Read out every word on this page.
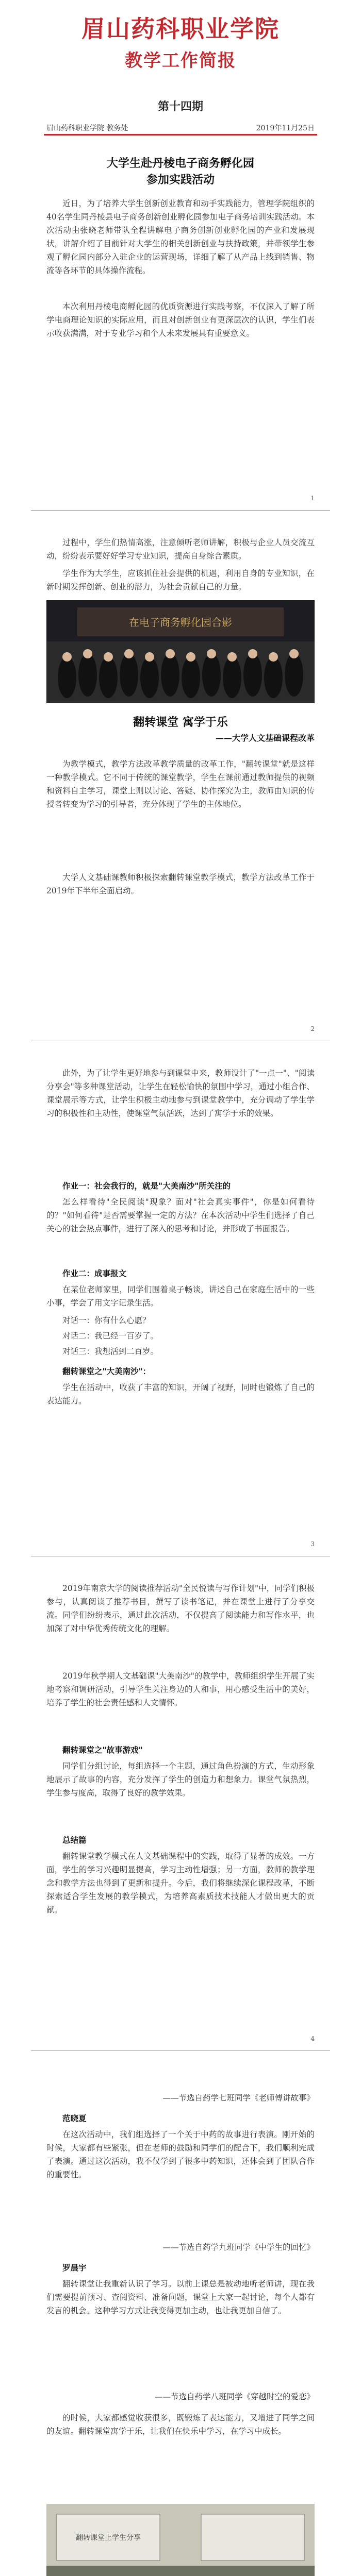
眉山药科职业学院
教学工作简报
第十四期
眉山药科职业学院 教务处	2019年11月25日
大学生赴丹棱电子商务孵化园
参加实践活动
近日，为了培养大学生创新创业教育和动手实践能力，管理学院组织的40名学生同丹棱县电子商务创新创业孵化园参加电子商务培训实践活动。本次活动由张晓老师带队全程讲解电子商务创新创业孵化园的产业和发展现状，讲解介绍了目前针对大学生的相关创新创业与扶持政策，并带领学生参观了孵化园内部分入驻企业的运营现场，详细了解了从产品上线到销售、物流等各环节的具体操作流程。
本次利用丹棱电商孵化园的优质资源进行实践考察，不仅深入了解了所学电商理论知识的实际应用，而且对创新创业有更深层次的认识，学生们表示收获满满，对于专业学习和个人未来发展具有重要意义。
1
过程中，学生们热情高涨，注意倾听老师讲解，积极与企业人员交流互动，纷纷表示要好好学习专业知识，提高自身综合素质。
学生作为大学生，应该抓住社会提供的机遇，利用自身的专业知识，在新时期发挥创新、创业的潜力，为社会贡献自己的力量。
在电子商务孵化园合影
翻转课堂 寓学于乐
——大学人文基础课程改革
为教学模式，教学方法改革教学质量的改革工作，"翻转课堂"就是这样一种教学模式。它不同于传统的课堂教学，学生在课前通过教师提供的视频和资料自主学习，课堂上则以讨论、答疑、协作探究为主，教师由知识的传授者转变为学习的引导者，充分体现了学生的主体地位。
大学人文基础课教师积极探索翻转课堂教学模式，教学方法改革工作于2019年下半年全面启动。
2
此外，为了让学生更好地参与到课堂中来，教师设计了"一点一"、"阅读分享会"等多种课堂活动，让学生在轻松愉快的氛围中学习，通过小组合作、课堂展示等方式，让学生积极主动地参与到课堂教学中，充分调动了学生学习的积极性和主动性，使课堂气氛活跃，达到了寓学于乐的效果。
作业一：社会我行的，就是"大美南沙"所关注的
怎么样看待"全民阅读"现象？面对"社会真实事件"，你是如何看待的？"如何看待"是否需要掌握一定的方法？在本次活动中学生们选择了自己关心的社会热点事件，进行了深入的思考和讨论，并形成了书面报告。
作业二：成事报文
在某位老师家里，同学们围着桌子畅谈，讲述自己在家庭生活中的一些小事，学会了用文字记录生活。
对话一：你有什么心愿？
对话二：我已经一百岁了。
对话三：我想活到二百岁。
翻转课堂之"大美南沙"：
学生在活动中，收获了丰富的知识，开阔了视野，同时也锻炼了自己的表达能力。
3
2019年南京大学的阅读推荐活动"全民悦读与写作计划"中，同学们积极参与，认真阅读了推荐书目，撰写了读书笔记，并在课堂上进行了分享交流。同学们纷纷表示，通过此次活动，不仅提高了阅读能力和写作水平，也加深了对中华优秀传统文化的理解。
2019年秋学期人文基础课"大美南沙"的教学中，教师组织学生开展了实地考察和调研活动，引导学生关注身边的人和事，用心感受生活中的美好，培养了学生的社会责任感和人文情怀。
翻转课堂之"故事游戏"
同学们分组讨论，每组选择一个主题，通过角色扮演的方式，生动形象地展示了故事的内容，充分发挥了学生的创造力和想象力。课堂气氛热烈，学生参与度高，取得了良好的教学效果。
总结篇
翻转课堂教学模式在人文基础课程中的实践，取得了显著的成效。一方面，学生的学习兴趣明显提高，学习主动性增强；另一方面，教师的教学理念和教学方法也得到了更新和提升。今后，我们将继续深化课程改革，不断探索适合学生发展的教学模式，为培养高素质技术技能人才做出更大的贡献。
4
——节选自药学七班同学《老师傅讲故事》
范晓夏
在这次活动中，我们组选择了一个关于中药的故事进行表演。刚开始的时候，大家都有些紧张，但在老师的鼓励和同学们的配合下，我们顺利完成了表演。通过这次活动，我不仅学到了很多中药知识，还体会到了团队合作的重要性。
——节选自药学九班同学《中学生的回忆》
罗晨宇
翻转课堂让我重新认识了学习。以前上课总是被动地听老师讲，现在我们需要提前预习、查阅资料、准备问题，课堂上大家一起讨论，每个人都有发言的机会。这种学习方式让我变得更加主动，也让我更加自信了。
——节选自药学八班同学《穿越时空的爱恋》
的时候，大家都感觉收获很多，既锻炼了表达能力，又增进了同学之间的友谊。翻转课堂寓学于乐，让我们在快乐中学习，在学习中成长。
翻转课堂上学生分享
